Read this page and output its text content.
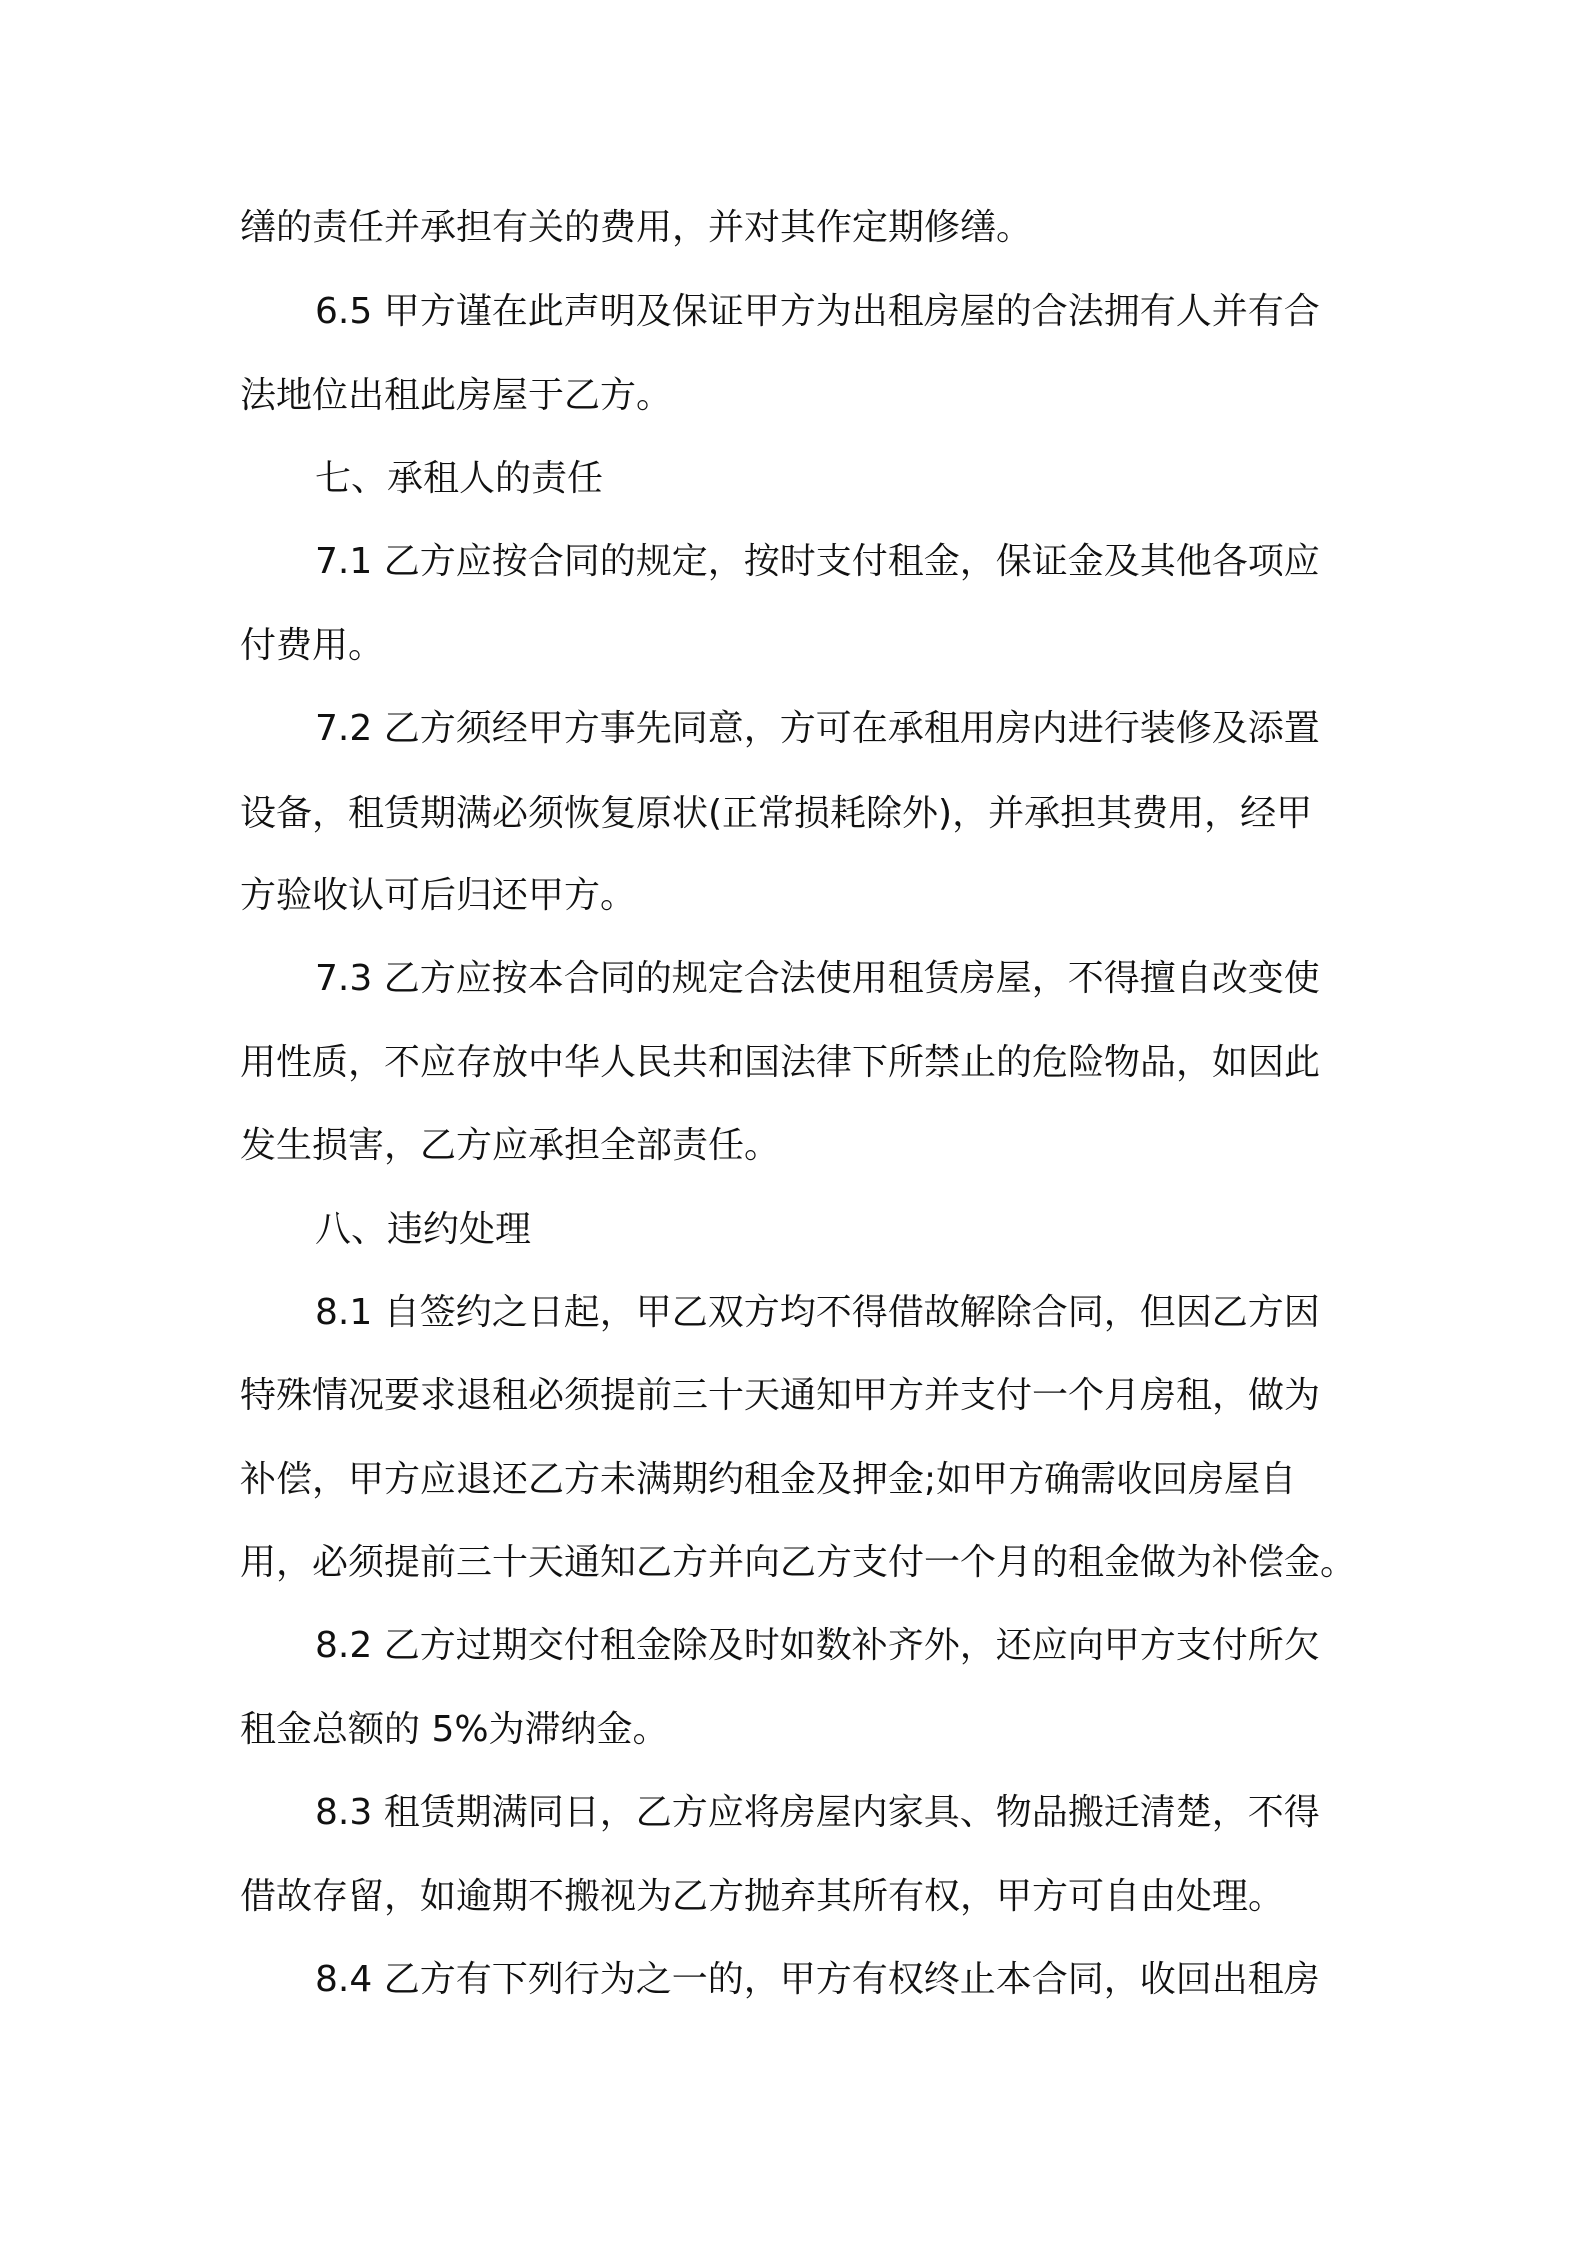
缮的责任并承担有关的费用，并对其作定期修缮。
6.5 甲方谨在此声明及保证甲方为出租房屋的合法拥有人并有合
法地位出租此房屋于乙方。
七、承租人的责任
7.1 乙方应按合同的规定，按时支付租金，保证金及其他各项应
付费用。
7.2 乙方须经甲方事先同意，方可在承租用房内进行装修及添置
设备，租赁期满必须恢复原状(正常损耗除外)，并承担其费用，经甲
方验收认可后归还甲方。
7.3 乙方应按本合同的规定合法使用租赁房屋，不得擅自改变使
用性质，不应存放中华人民共和国法律下所禁止的危险物品，如因此
发生损害，乙方应承担全部责任。
八、违约处理
8.1 自签约之日起，甲乙双方均不得借故解除合同，但因乙方因
特殊情况要求退租必须提前三十天通知甲方并支付一个月房租，做为
补偿，甲方应退还乙方未满期约租金及押金;如甲方确需收回房屋自
用，必须提前三十天通知乙方并向乙方支付一个月的租金做为补偿金。
8.2 乙方过期交付租金除及时如数补齐外，还应向甲方支付所欠
租金总额的 5%为滞纳金。
8.3 租赁期满同日，乙方应将房屋内家具、物品搬迁清楚，不得
借故存留，如逾期不搬视为乙方抛弃其所有权，甲方可自由处理。
8.4 乙方有下列行为之一的，甲方有权终止本合同，收回出租房
